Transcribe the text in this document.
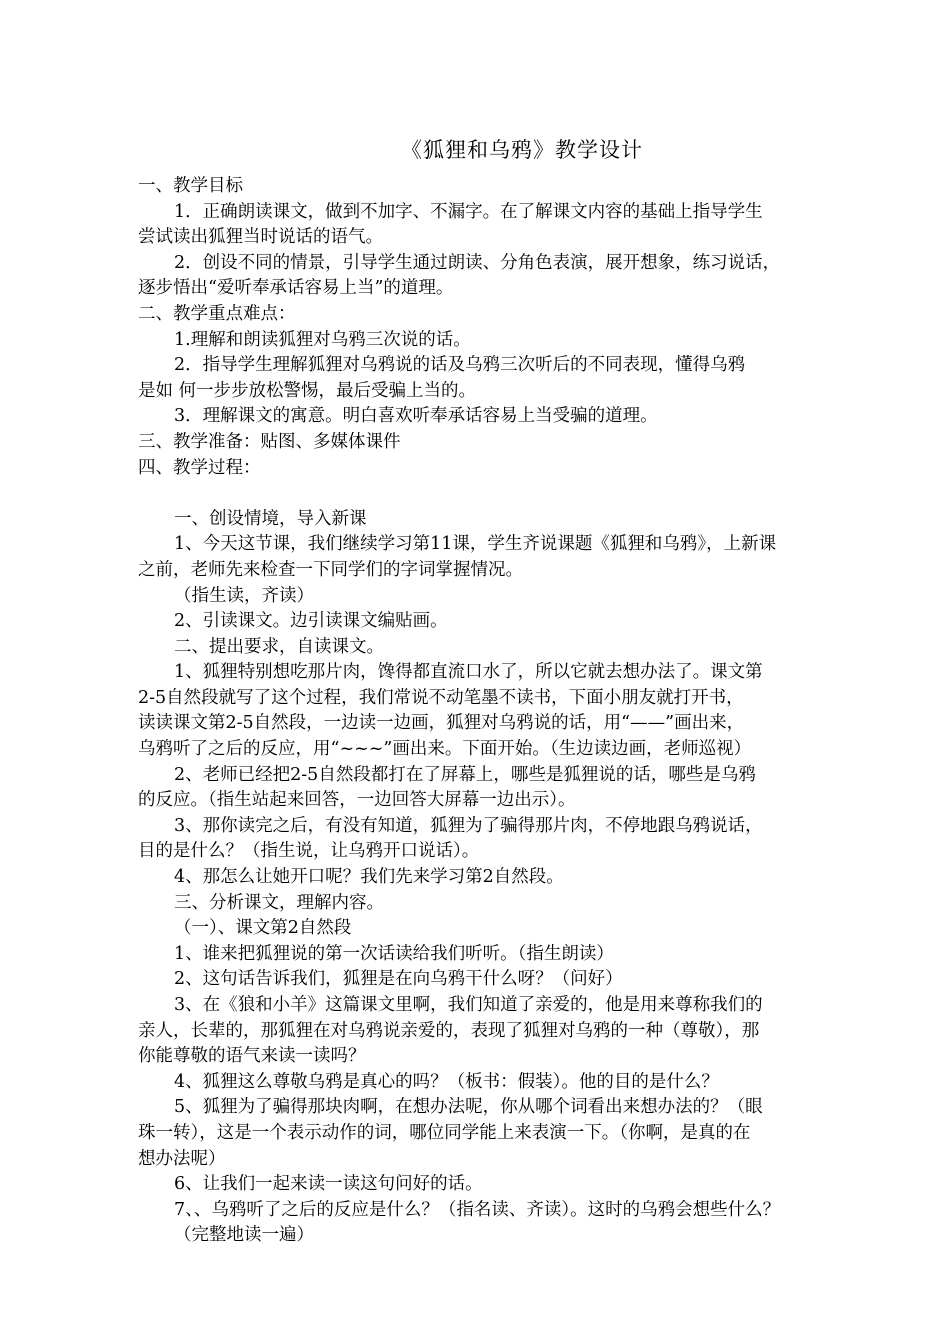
《狐狸和乌鸦》教学设计
一、教学目标
1．正确朗读课文，做到不加字、不漏字。在了解课文内容的基础上指导学生
尝试读出狐狸当时说话的语气。
2．创设不同的情景，引导学生通过朗读、分角色表演，展开想象，练习说话，
逐步悟出“爱听奉承话容易上当”的道理。
二、教学重点难点：
1.理解和朗读狐狸对乌鸦三次说的话。
2．指导学生理解狐狸对乌鸦说的话及乌鸦三次听后的不同表现，懂得乌鸦
是如 何一步步放松警惕，最后受骗上当的。
3．理解课文的寓意。明白喜欢听奉承话容易上当受骗的道理。
三、教学准备：贴图、多媒体课件
四、教学过程：
一、创设情境，导入新课
1、今天这节课，我们继续学习第11课，学生齐说课题《狐狸和乌鸦》，上新课
之前，老师先来检查一下同学们的字词掌握情况。
（指生读，齐读）
2、引读课文。边引读课文编贴画。
二、提出要求，自读课文。
1、狐狸特别想吃那片肉，馋得都直流口水了，所以它就去想办法了。课文第
2-5自然段就写了这个过程，我们常说不动笔墨不读书，下面小朋友就打开书，
读读课文第2-5自然段，一边读一边画，狐狸对乌鸦说的话，用“——”画出来，
乌鸦听了之后的反应，用“~~~”画出来。下面开始。（生边读边画，老师巡视）
2、老师已经把2-5自然段都打在了屏幕上，哪些是狐狸说的话，哪些是乌鸦
的反应。（指生站起来回答，一边回答大屏幕一边出示）。
3、那你读完之后，有没有知道，狐狸为了骗得那片肉，不停地跟乌鸦说话，
目的是什么？（指生说，让乌鸦开口说话）。
4、那怎么让她开口呢？我们先来学习第2自然段。
三、分析课文，理解内容。
（一）、课文第2自然段
1、谁来把狐狸说的第一次话读给我们听听。（指生朗读）
2、这句话告诉我们，狐狸是在向乌鸦干什么呀？（问好）
3、在《狼和小羊》这篇课文里啊，我们知道了亲爱的，他是用来尊称我们的
亲人，长辈的，那狐狸在对乌鸦说亲爱的，表现了狐狸对乌鸦的一种（尊敬），那
你能尊敬的语气来读一读吗？
4、狐狸这么尊敬乌鸦是真心的吗？（板书：假装）。他的目的是什么？
5、狐狸为了骗得那块肉啊，在想办法呢，你从哪个词看出来想办法的？（眼
珠一转），这是一个表示动作的词，哪位同学能上来表演一下。（你啊，是真的在
想办法呢）
6、让我们一起来读一读这句问好的话。
7、、乌鸦听了之后的反应是什么？（指名读、齐读）。这时的乌鸦会想些什么？
（完整地读一遍）
